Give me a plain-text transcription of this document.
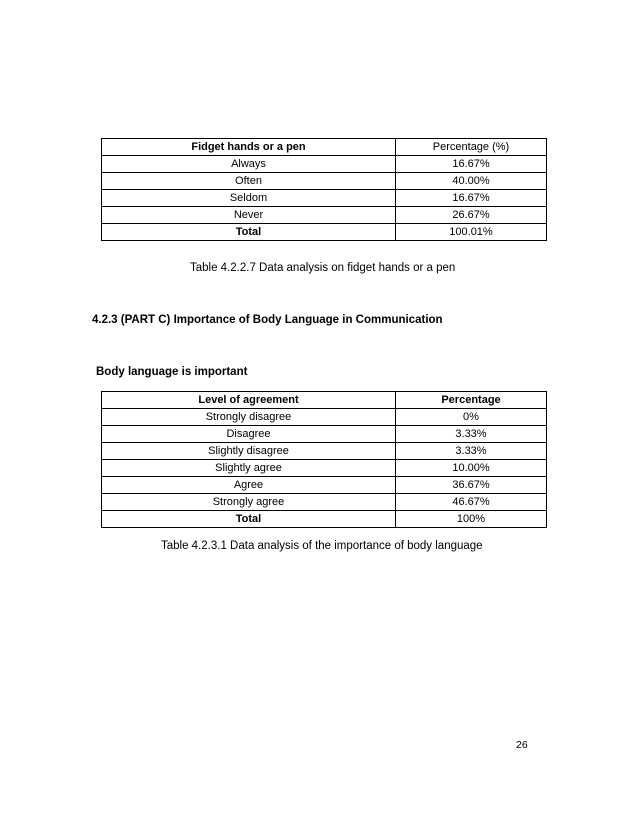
Fidget hands or a pen	Percentage (%)
Always	16.67%
Often	40.00%
Seldom	16.67%
Never	26.67%
Total	100.01%
Table 4.2.2.7 Data analysis on fidget hands or a pen
4.2.3 (PART C) Importance of Body Language in Communication
Body language is important
Level of agreement	Percentage
Strongly disagree	0%
Disagree	3.33%
Slightly disagree	3.33%
Slightly agree	10.00%
Agree	36.67%
Strongly agree	46.67%
Total	100%
Table 4.2.3.1 Data analysis of the importance of body language
26
